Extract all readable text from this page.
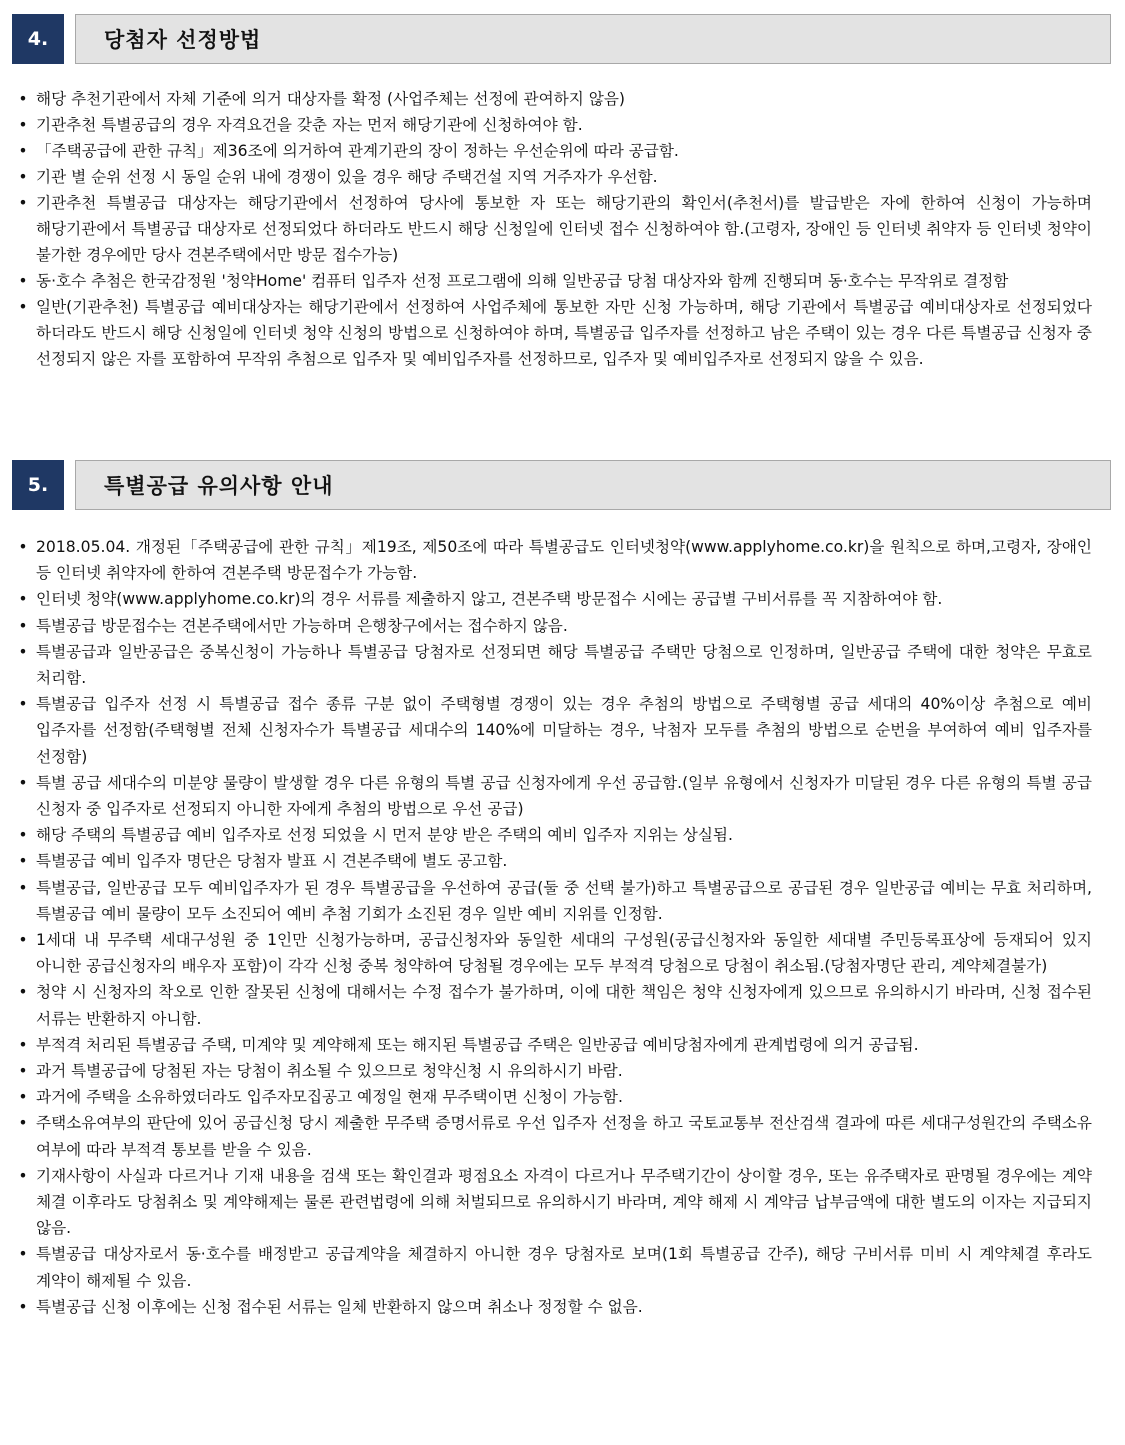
4.	당첨자 선정방법
• 해당 추천기관에서 자체 기준에 의거 대상자를 확정 (사업주체는 선정에 관여하지 않음)
• 기관추천 특별공급의 경우 자격요건을 갖춘 자는 먼저 해당기관에 신청하여야 함.
• 「주택공급에 관한 규칙」제36조에 의거하여 관계기관의 장이 정하는 우선순위에 따라 공급함.
• 기관 별 순위 선정 시 동일 순위 내에 경쟁이 있을 경우 해당 주택건설 지역 거주자가 우선함.
• 기관추천 특별공급 대상자는 해당기관에서 선정하여 당사에 통보한 자 또는 해당기관의 확인서(추천서)를 발급받은 자에 한하여 신청이 가능하며 해당기관에서 특별공급 대상자로 선정되었다 하더라도 반드시 해당 신청일에 인터넷 접수 신청하여야 함.(고령자, 장애인 등 인터넷 취약자 등 인터넷 청약이 불가한 경우에만 당사 견본주택에서만 방문 접수가능)
• 동·호수 추첨은 한국감정원 '청약Home' 컴퓨터 입주자 선정 프로그램에 의해 일반공급 당첨 대상자와 함께 진행되며 동·호수는 무작위로 결정함
• 일반(기관추천) 특별공급 예비대상자는 해당기관에서 선정하여 사업주체에 통보한 자만 신청 가능하며, 해당 기관에서 특별공급 예비대상자로 선정되었다 하더라도 반드시 해당 신청일에 인터넷 청약 신청의 방법으로 신청하여야 하며, 특별공급 입주자를 선정하고 남은 주택이 있는 경우 다른 특별공급 신청자 중 선정되지 않은 자를 포함하여 무작위 추첨으로 입주자 및 예비입주자를 선정하므로, 입주자 및 예비입주자로 선정되지 않을 수 있음.
5.	특별공급 유의사항 안내
• 2018.05.04. 개정된「주택공급에 관한 규칙」제19조, 제50조에 따라 특별공급도 인터넷청약(www.applyhome.co.kr)을 원칙으로 하며,고령자, 장애인 등 인터넷 취약자에 한하여 견본주택 방문접수가 가능함.
• 인터넷 청약(www.applyhome.co.kr)의 경우 서류를 제출하지 않고, 견본주택 방문접수 시에는 공급별 구비서류를 꼭 지참하여야 함.
• 특별공급 방문접수는 견본주택에서만 가능하며 은행창구에서는 접수하지 않음.
• 특별공급과 일반공급은 중복신청이 가능하나 특별공급 당첨자로 선정되면 해당 특별공급 주택만 당첨으로 인정하며, 일반공급 주택에 대한 청약은 무효로 처리함.
• 특별공급 입주자 선정 시 특별공급 접수 종류 구분 없이 주택형별 경쟁이 있는 경우 추첨의 방법으로 주택형별 공급 세대의 40%이상 추첨으로 예비 입주자를 선정함(주택형별 전체 신청자수가 특별공급 세대수의 140%에 미달하는 경우, 낙첨자 모두를 추첨의 방법으로 순번을 부여하여 예비 입주자를 선정함)
• 특별 공급 세대수의 미분양 물량이 발생할 경우 다른 유형의 특별 공급 신청자에게 우선 공급함.(일부 유형에서 신청자가 미달된 경우 다른 유형의 특별 공급 신청자 중 입주자로 선정되지 아니한 자에게 추첨의 방법으로 우선 공급)
• 해당 주택의 특별공급 예비 입주자로 선정 되었을 시 먼저 분양 받은 주택의 예비 입주자 지위는 상실됨.
• 특별공급 예비 입주자 명단은 당첨자 발표 시 견본주택에 별도 공고함.
• 특별공급, 일반공급 모두 예비입주자가 된 경우 특별공급을 우선하여 공급(둘 중 선택 불가)하고 특별공급으로 공급된 경우 일반공급 예비는 무효 처리하며, 특별공급 예비 물량이 모두 소진되어 예비 추첨 기회가 소진된 경우 일반 예비 지위를 인정함.
• 1세대 내 무주택 세대구성원 중 1인만 신청가능하며, 공급신청자와 동일한 세대의 구성원(공급신청자와 동일한 세대별 주민등록표상에 등재되어 있지 아니한 공급신청자의 배우자 포함)이 각각 신청 중복 청약하여 당첨될 경우에는 모두 부적격 당첨으로 당첨이 취소됨.(당첨자명단 관리, 계약체결불가)
• 청약 시 신청자의 착오로 인한 잘못된 신청에 대해서는 수정 접수가 불가하며, 이에 대한 책임은 청약 신청자에게 있으므로 유의하시기 바라며, 신청 접수된 서류는 반환하지 아니함.
• 부적격 처리된 특별공급 주택, 미계약 및 계약해제 또는 해지된 특별공급 주택은 일반공급 예비당첨자에게 관계법령에 의거 공급됨.
• 과거 특별공급에 당첨된 자는 당첨이 취소될 수 있으므로 청약신청 시 유의하시기 바람.
• 과거에 주택을 소유하였더라도 입주자모집공고 예정일 현재 무주택이면 신청이 가능함.
• 주택소유여부의 판단에 있어 공급신청 당시 제출한 무주택 증명서류로 우선 입주자 선정을 하고 국토교통부 전산검색 결과에 따른 세대구성원간의 주택소유 여부에 따라 부적격 통보를 받을 수 있음.
• 기재사항이 사실과 다르거나 기재 내용을 검색 또는 확인결과 평점요소 자격이 다르거나 무주택기간이 상이할 경우, 또는 유주택자로 판명될 경우에는 계약 체결 이후라도 당첨취소 및 계약해제는 물론 관련법령에 의해 처벌되므로 유의하시기 바라며, 계약 해제 시 계약금 납부금액에 대한 별도의 이자는 지급되지 않음.
• 특별공급 대상자로서 동·호수를 배정받고 공급계약을 체결하지 아니한 경우 당첨자로 보며(1회 특별공급 간주), 해당 구비서류 미비 시 계약체결 후라도 계약이 해제될 수 있음.
• 특별공급 신청 이후에는 신청 접수된 서류는 일체 반환하지 않으며 취소나 정정할 수 없음.
